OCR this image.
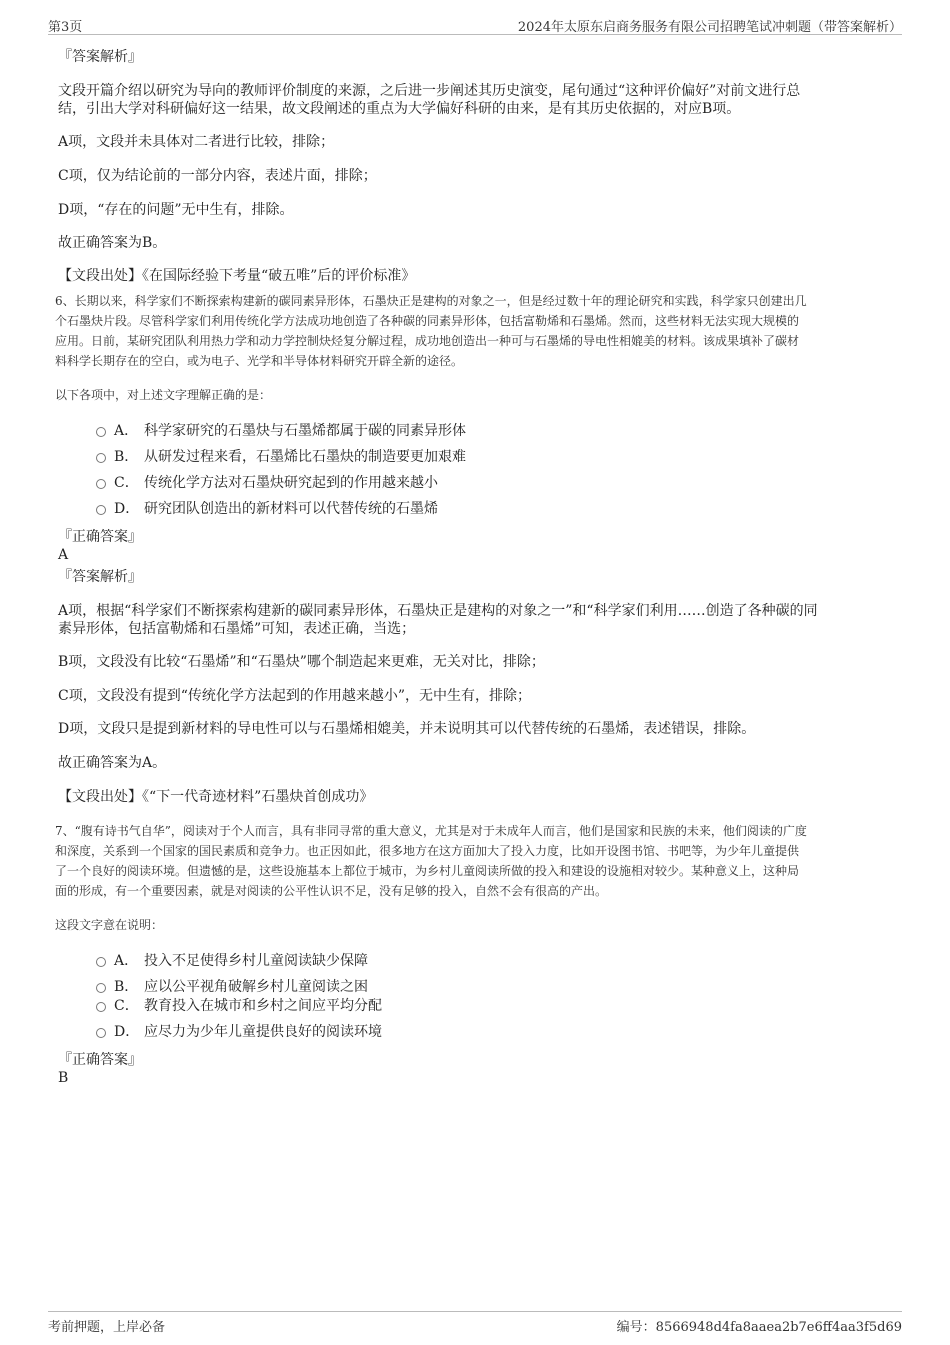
第3页	2024年太原东启商务服务有限公司招聘笔试冲刺题（带答案解析）
『答案解析』
文段开篇介绍以研究为导向的教师评价制度的来源，之后进一步阐述其历史演变，尾句通过“这种评价偏好”对前文进行总
结，引出大学对科研偏好这一结果，故文段阐述的重点为大学偏好科研的由来，是有其历史依据的，对应B项。
A项，文段并未具体对二者进行比较，排除；
C项，仅为结论前的一部分内容，表述片面，排除；
D项，“存在的问题”无中生有，排除。
故正确答案为B。
【文段出处】《在国际经验下考量“破五唯”后的评价标准》
6、长期以来，科学家们不断探索构建新的碳同素异形体，石墨炔正是建构的对象之一，但是经过数十年的理论研究和实践，科学家只创建出几
个石墨炔片段。尽管科学家们利用传统化学方法成功地创造了各种碳的同素异形体，包括富勒烯和石墨烯。然而，这些材料无法实现大规模的
应用。日前，某研究团队利用热力学和动力学控制炔烃复分解过程，成功地创造出一种可与石墨烯的导电性相媲美的材料。该成果填补了碳材
料科学长期存在的空白，或为电子、光学和半导体材料研究开辟全新的途径。
以下各项中，对上述文字理解正确的是：
A． 科学家研究的石墨炔与石墨烯都属于碳的同素异形体
B． 从研发过程来看，石墨烯比石墨炔的制造要更加艰难
C． 传统化学方法对石墨炔研究起到的作用越来越小
D． 研究团队创造出的新材料可以代替传统的石墨烯
『正确答案』
A
『答案解析』
A项，根据“科学家们不断探索构建新的碳同素异形体，石墨炔正是建构的对象之一”和“科学家们利用……创造了各种碳的同
素异形体，包括富勒烯和石墨烯”可知，表述正确，当选；
B项，文段没有比较“石墨烯”和“石墨炔”哪个制造起来更难，无关对比，排除；
C项，文段没有提到“传统化学方法起到的作用越来越小”，无中生有，排除；
D项，文段只是提到新材料的导电性可以与石墨烯相媲美，并未说明其可以代替传统的石墨烯，表述错误，排除。
故正确答案为A。
【文段出处】《“下一代奇迹材料”石墨炔首创成功》
7、“腹有诗书气自华”，阅读对于个人而言，具有非同寻常的重大意义，尤其是对于未成年人而言，他们是国家和民族的未来，他们阅读的广度
和深度，关系到一个国家的国民素质和竞争力。也正因如此，很多地方在这方面加大了投入力度，比如开设图书馆、书吧等，为少年儿童提供
了一个良好的阅读环境。但遗憾的是，这些设施基本上都位于城市，为乡村儿童阅读所做的投入和建设的设施相对较少。某种意义上，这种局
面的形成，有一个重要因素，就是对阅读的公平性认识不足，没有足够的投入，自然不会有很高的产出。
这段文字意在说明：
A． 投入不足使得乡村儿童阅读缺少保障
B． 应以公平视角破解乡村儿童阅读之困
C． 教育投入在城市和乡村之间应平均分配
D． 应尽力为少年儿童提供良好的阅读环境
『正确答案』
B
考前押题，上岸必备	编号：8566948d4fa8aaea2b7e6ff4aa3f5d69
